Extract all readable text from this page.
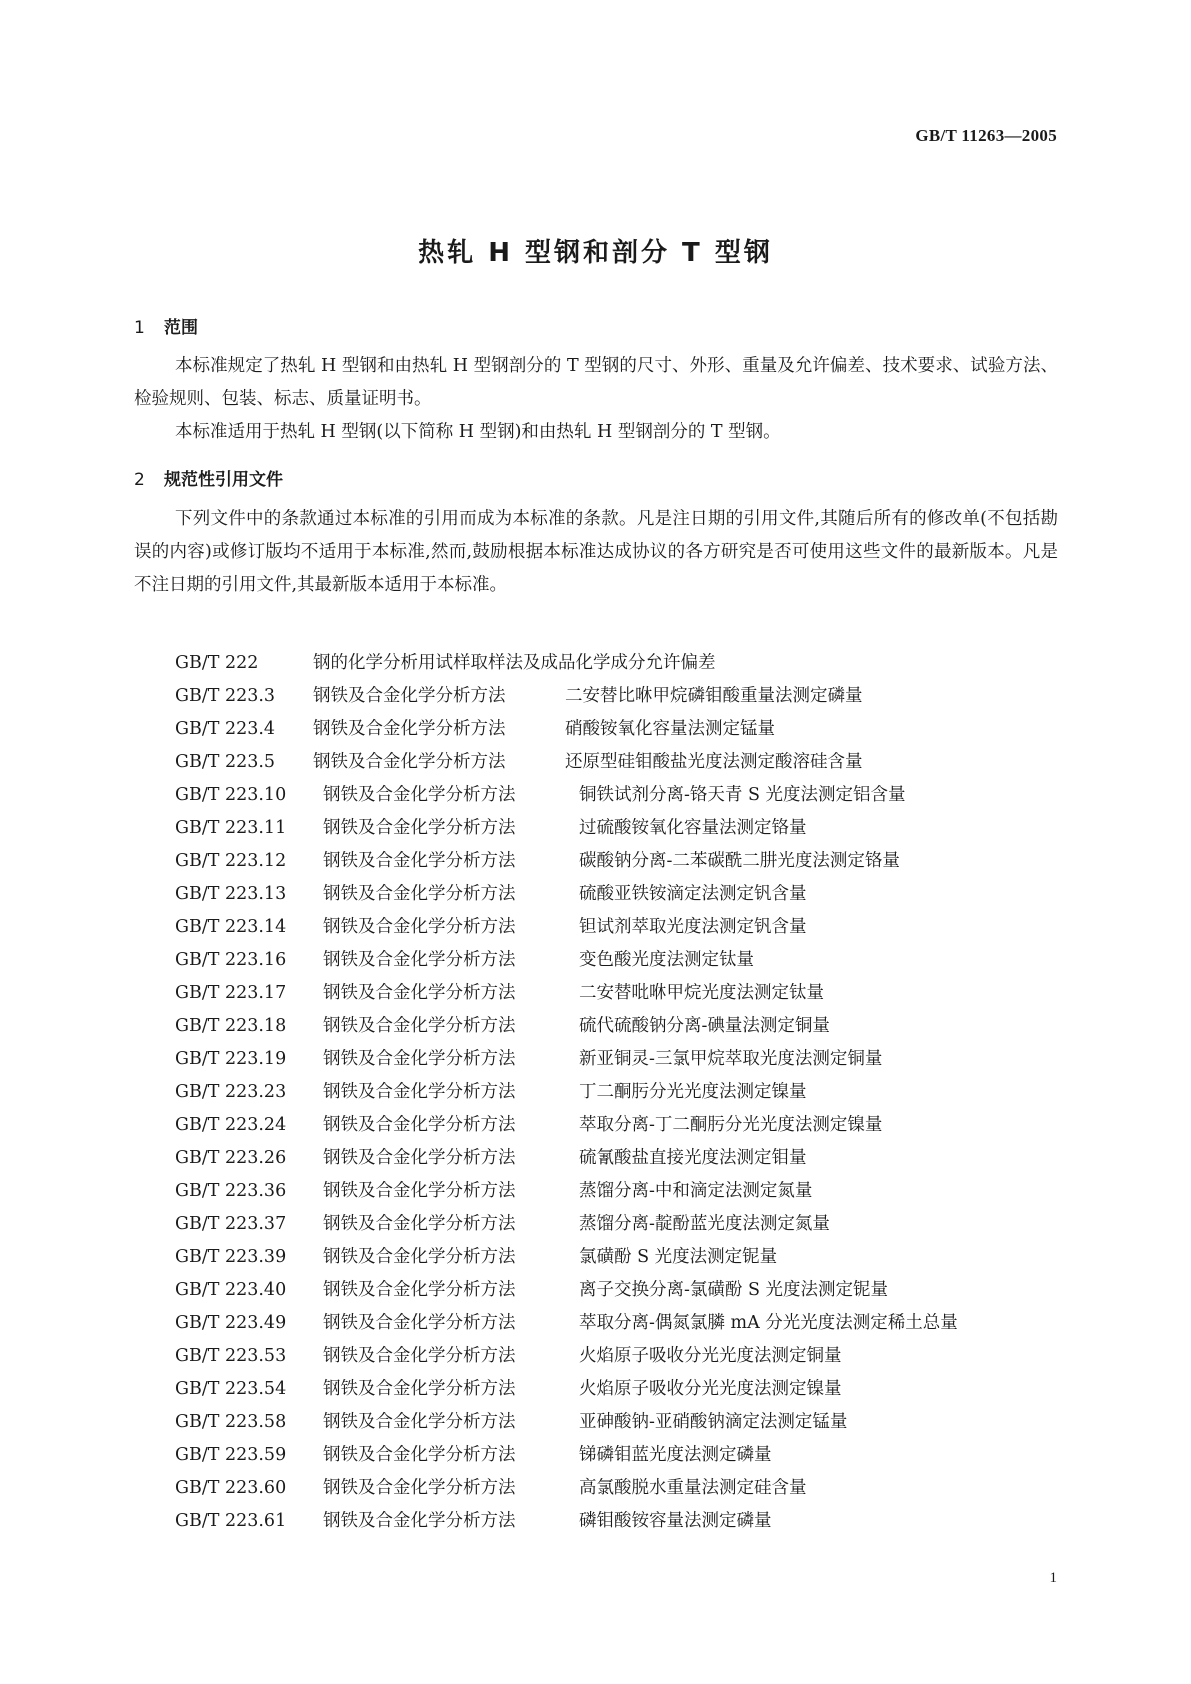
GB/T 11263—2005
热轧 H 型钢和剖分 T 型钢
1 范围

本标准规定了热轧 H 型钢和由热轧 H 型钢剖分的 T 型钢的尺寸、外形、重量及允许偏差、技术要求、试验方法、检验规则、包装、标志、质量证明书。

本标准适用于热轧 H 型钢(以下简称 H 型钢)和由热轧 H 型钢剖分的 T 型钢。

2 规范性引用文件

下列文件中的条款通过本标准的引用而成为本标准的条款。凡是注日期的引用文件,其随后所有的修改单(不包括勘误的内容)或修订版均不适用于本标准,然而,鼓励根据本标准达成协议的各方研究是否可使用这些文件的最新版本。凡是不注日期的引用文件,其最新版本适用于本标准。

GB/T 222	钢的化学分析用试样取样法及成品化学成分允许偏差
GB/T 223.3 钢铁及合金化学分析方法	二安替比咻甲烷磷钼酸重量法测定磷量
GB/T 223.4 钢铁及合金化学分析方法	硝酸铵氧化容量法测定锰量
GB/T 223.5 钢铁及合金化学分析方法	还原型硅钼酸盐光度法测定酸溶硅含量
GB/T 223.10 钢铁及合金化学分析方法	铜铁试剂分离-铬天青 S 光度法测定铝含量
GB/T 223.11 钢铁及合金化学分析方法	过硫酸铵氧化容量法测定铬量
GB/T 223.12 钢铁及合金化学分析方法	碳酸钠分离-二苯碳酰二肼光度法测定铬量
GB/T 223.13 钢铁及合金化学分析方法	硫酸亚铁铵滴定法测定钒含量
GB/T 223.14 钢铁及合金化学分析方法	钽试剂萃取光度法测定钒含量
GB/T 223.16 钢铁及合金化学分析方法	变色酸光度法测定钛量
GB/T 223.17 钢铁及合金化学分析方法	二安替吡咻甲烷光度法测定钛量
GB/T 223.18 钢铁及合金化学分析方法	硫代硫酸钠分离-碘量法测定铜量
GB/T 223.19 钢铁及合金化学分析方法	新亚铜灵-三氯甲烷萃取光度法测定铜量
GB/T 223.23 钢铁及合金化学分析方法	丁二酮肟分光光度法测定镍量
GB/T 223.24 钢铁及合金化学分析方法	萃取分离-丁二酮肟分光光度法测定镍量
GB/T 223.26 钢铁及合金化学分析方法	硫氰酸盐直接光度法测定钼量
GB/T 223.36 钢铁及合金化学分析方法	蒸馏分离-中和滴定法测定氮量
GB/T 223.37 钢铁及合金化学分析方法	蒸馏分离-靛酚蓝光度法测定氮量
GB/T 223.39 钢铁及合金化学分析方法	氯磺酚 S 光度法测定铌量
GB/T 223.40 钢铁及合金化学分析方法	离子交换分离-氯磺酚 S 光度法测定铌量
GB/T 223.49 钢铁及合金化学分析方法	萃取分离-偶氮氯膦 mA 分光光度法测定稀土总量
GB/T 223.53 钢铁及合金化学分析方法	火焰原子吸收分光光度法测定铜量
GB/T 223.54 钢铁及合金化学分析方法	火焰原子吸收分光光度法测定镍量
GB/T 223.58 钢铁及合金化学分析方法	亚砷酸钠-亚硝酸钠滴定法测定锰量
GB/T 223.59 钢铁及合金化学分析方法	锑磷钼蓝光度法测定磷量
GB/T 223.60 钢铁及合金化学分析方法	高氯酸脱水重量法测定硅含量
GB/T 223.61 钢铁及合金化学分析方法	磷钼酸铵容量法测定磷量
1
